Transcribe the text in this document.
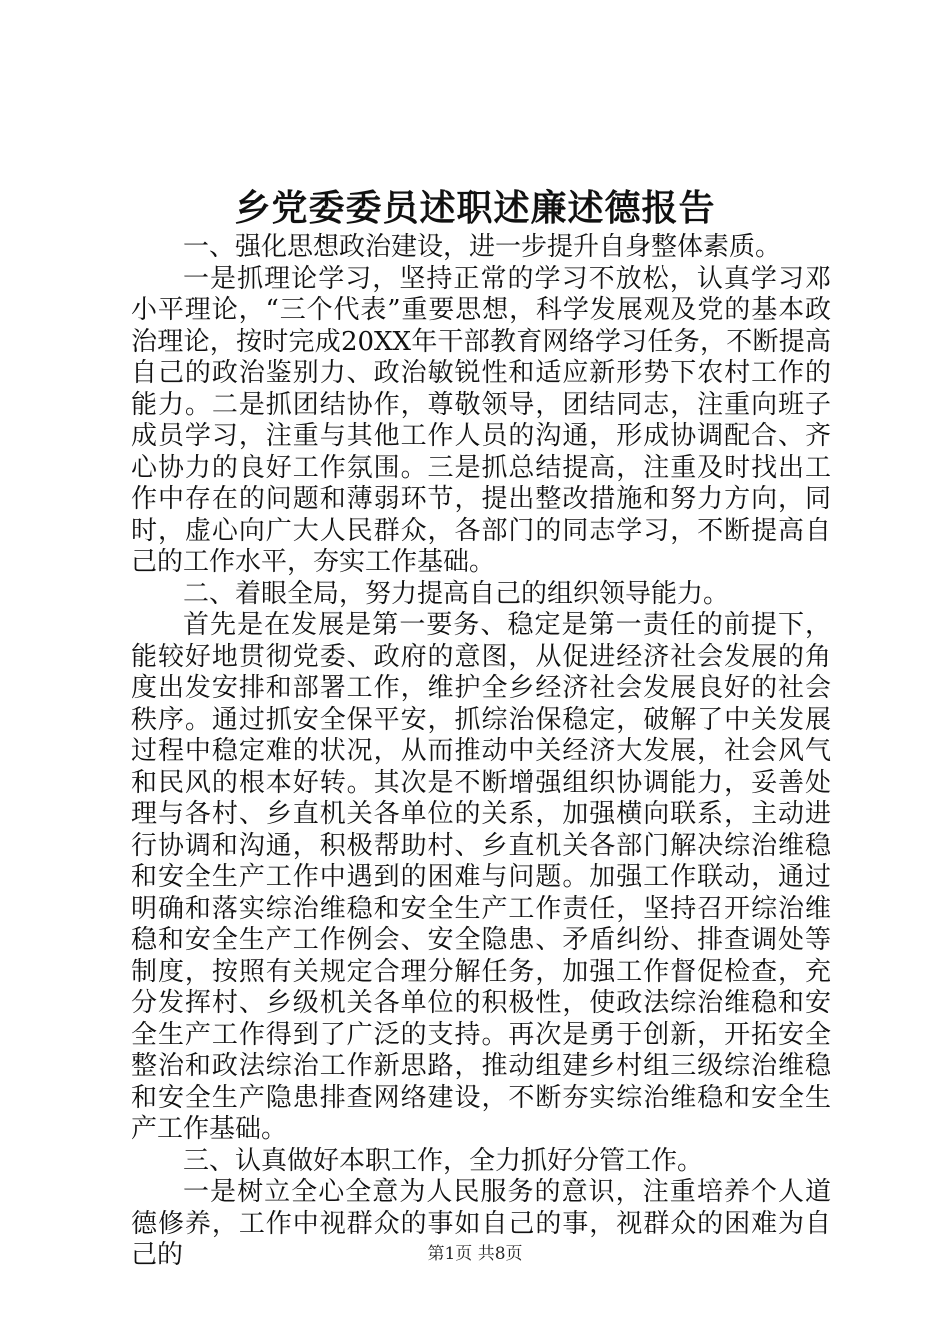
乡党委委员述职述廉述德报告

一、强化思想政治建设，进一步提升自身整体素质。

一是抓理论学习，坚持正常的学习不放松，认真学习邓小平理论，“三个代表”重要思想，科学发展观及党的基本政治理论，按时完成20XX年干部教育网络学习任务，不断提高自己的政治鉴别力、政治敏锐性和适应新形势下农村工作的能力。二是抓团结协作，尊敬领导，团结同志，注重向班子成员学习，注重与其他工作人员的沟通，形成协调配合、齐心协力的良好工作氛围。三是抓总结提高，注重及时找出工作中存在的问题和薄弱环节，提出整改措施和努力方向，同时，虚心向广大人民群众，各部门的同志学习，不断提高自己的工作水平，夯实工作基础。

二、着眼全局，努力提高自己的组织领导能力。

首先是在发展是第一要务、稳定是第一责任的前提下，能较好地贯彻党委、政府的意图，从促进经济社会发展的角度出发安排和部署工作，维护全乡经济社会发展良好的社会秩序。通过抓安全保平安，抓综治保稳定，破解了中关发展过程中稳定难的状况，从而推动中关经济大发展，社会风气和民风的根本好转。其次是不断增强组织协调能力，妥善处理与各村、乡直机关各单位的关系，加强横向联系，主动进行协调和沟通，积极帮助村、乡直机关各部门解决综治维稳和安全生产工作中遇到的困难与问题。加强工作联动，通过明确和落实综治维稳和安全生产工作责任，坚持召开综治维稳和安全生产工作例会、安全隐患、矛盾纠纷、排查调处等制度，按照有关规定合理分解任务，加强工作督促检查，充分发挥村、乡级机关各单位的积极性，使政法综治维稳和安全生产工作得到了广泛的支持。再次是勇于创新，开拓安全整治和政法综治工作新思路，推动组建乡村组三级综治维稳和安全生产隐患排查网络建设，不断夯实综治维稳和安全生产工作基础。

三、认真做好本职工作，全力抓好分管工作。

一是树立全心全意为人民服务的意识，注重培养个人道德修养，工作中视群众的事如自己的事，视群众的困难为自己的	第1页 共8页
